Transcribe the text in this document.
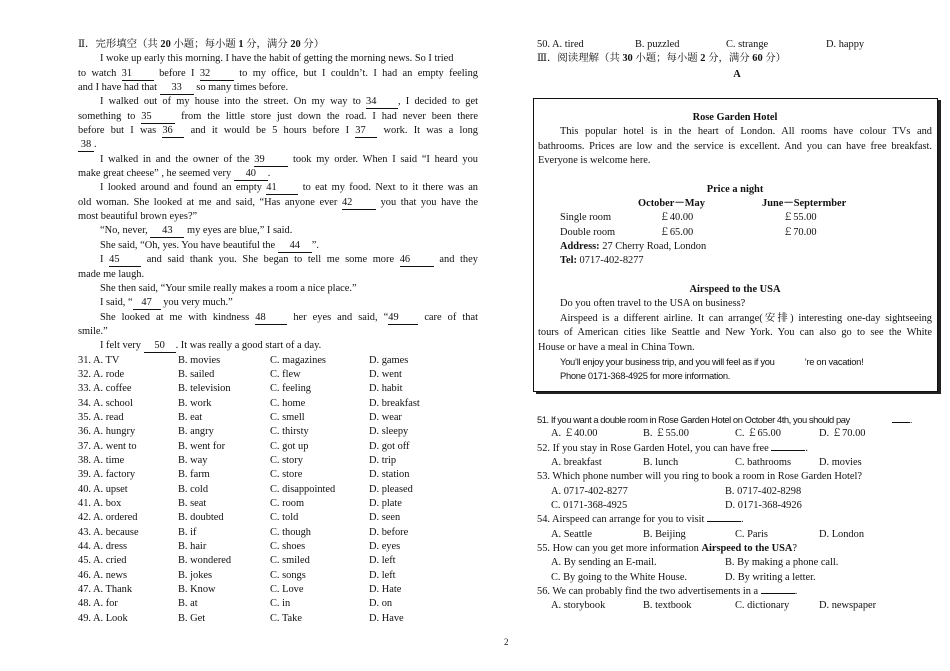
Ⅱ．完形填空（共 20 小题；每小题 1 分，满分 20 分）
I woke up early this morning. I have the habit of getting the morning news. So I tried
to watch 31	before I 32	to my office, but I couldn’t. I had an empty feeling
and I have had that 33 so many times before.
I walked out of my house into the street. On my way to 34 , I decided to get
something to 35	from the little store just down the road. I had never been there
before but I was 36 and it would be 5 hours before I 37 work. It was a long
38 .
I walked in and the owner of the 39	took my order. When I said “I heard you
make great cheese” , he seemed very 40 .
I looked around and found an empty 41	to eat my food. Next to it there was an
old woman. She looked at me and said, “Has anyone ever 42	you that you have the
most beautiful brown eyes?”
“No, never, 43 my eyes are blue,” I said.
She said, “Oh, yes. You have beautiful the 44 ”.
I 45	and said thank you. She began to tell me some more 46	and they
made me laugh.
She then said, “Your smile really makes a room a nice place.”
I said, “ 47 you very much.”
She looked at me with kindness 48	her eyes and said, “49 care of that
smile.”
I felt very 50 . It was really a good start of a day.
31. A. TV	B. movies	C. magazines	D. games
32. A. rode	B. sailed	C. flew	D. went
33. A. coffee	B. television	C. feeling	D. habit
34. A. school	B. work	C. home	D. breakfast
35. A. read	B. eat	C. smell	D. wear
36. A. hungry	B. angry	C. thirsty	D. sleepy
37. A. went to	B. went for	C. got up	D. got off
38. A. time	B. way	C. story	D. trip
39. A. factory	B. farm	C. store	D. station
40. A. upset	B. cold	C. disappointed	D. pleased
41. A. box	B. seat	C. room	D. plate
42. A. ordered	B. doubted	C. told	D. seen
43. A. because	B. if	C. though	D. before
44. A. dress	B. hair	C. shoes	D. eyes
45. A. cried	B. wondered	C. smiled	D. left
46. A. news	B. jokes	C. songs	D. left
47. A. Thank	B. Know	C. Love	D. Hate
48. A. for	B. at	C. in	D. on
49. A. Look	B. Get	C. Take	D. Have
50. A. tired	B. puzzled	C. strange	D. happy
Ⅲ．阅读理解（共 30 小题；每小题 2 分，满分 60 分）
A
Rose Garden Hotel
This popular hotel is in the heart of London. All rooms have colour TVs and
bathrooms. Prices are low and the service is excellent. And you can have free breakfast.
Everyone is welcome here.

Price a night
October－May	June－Septermber
Single room	￡40.00	￡55.00
Double room	￡65.00	￡70.00
Address: 27 Cherry Road, London
Tel: 0717-402-8277

Airspeed to the USA
Do you often travel to the USA on business?
Airspeed is a different airline. It can arrange(安排) interesting one-day sightseeing
tours of American cities like Seattle and New York. You can also go to see the White
House or have a meal in China Town.
You’ll enjoy your business trip, and you will feel as if you	’re on vacation!
Phone 0171-368-4925 for more information.
51. If you want a double room in Rose Garden Hotel on October 4th, you should pay	.
A. ￡40.00	B. ￡55.00	C. ￡65.00	D. ￡70.00
52. If you stay in Rose Garden Hotel, you can have free	.
A. breakfast	B. lunch	C. bathrooms	D. movies
53. Which phone number will you ring to book a room in Rose Garden Hotel?
A. 0717-402-8277	B. 0717-402-8298
C. 0171-368-4925	D. 0171-368-4926
54. Airspeed can arrange for you to visit	.
A. Seattle	B. Beijing	C. Paris	D. London
55. How can you get more information Airspeed to the USA?
A. By sending an E-mail.	B. By making a phone call.
C. By going to the White House.	D. By writing a letter.
56. We can probably find the two advertisements in a	.
A. storybook	B. textbook	C. dictionary	D. newspaper
2
